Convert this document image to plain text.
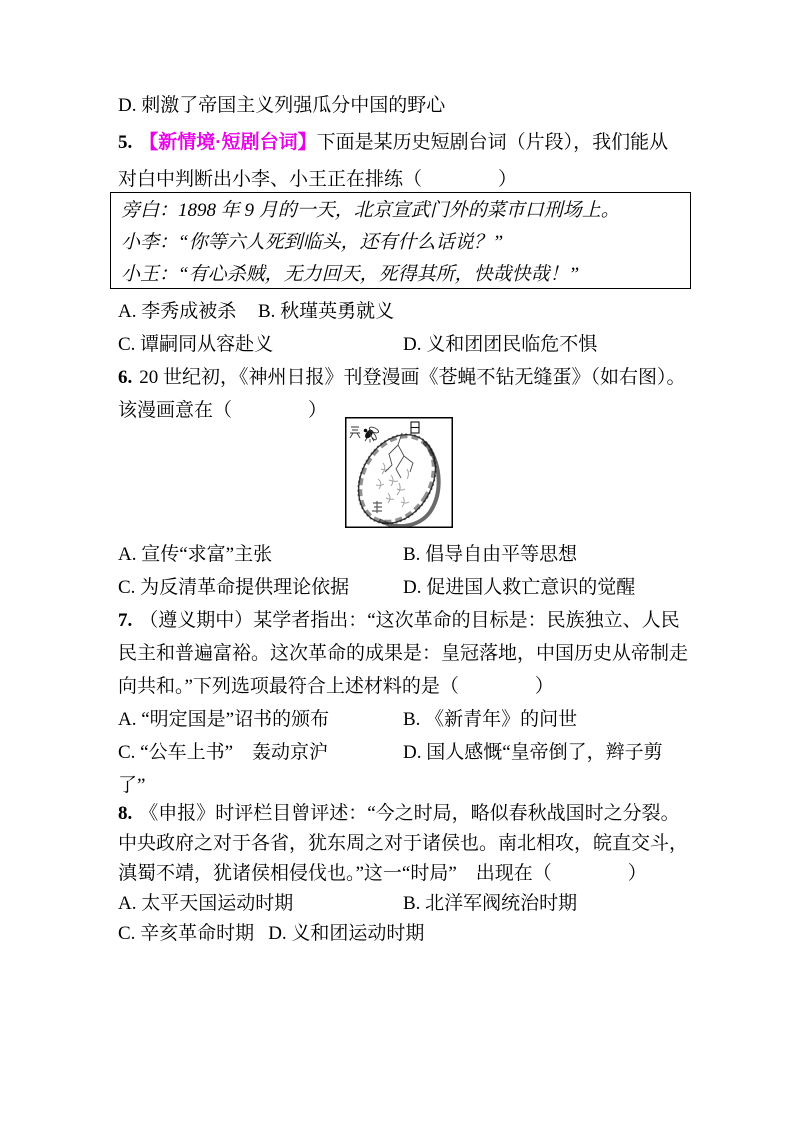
D. 刺激了帝国主义列强瓜分中国的野心
5. 【新情境·短剧台词】下面是某历史短剧台词（片段），我们能从
对白中判断出小李、小王正在排练（　　　　）
旁白：1898 年 9 月的一天，北京宣武门外的菜市口刑场上。
小李：“你等六人死到临头，还有什么话说？”
小王：“有心杀贼，无力回天，死得其所，快哉快哉！”
A. 李秀成被杀 B. 秋瑾英勇就义
C. 谭嗣同从容赴义	D. 义和团团民临危不惧
6. 20 世纪初，《神州日报》刊登漫画《苍蝇不钻无缝蛋》（如右图）。
该漫画意在（　　　　）
A. 宣传“求富”主张	B. 倡导自由平等思想
C. 为反清革命提供理论依据	D. 促进国人救亡意识的觉醒
7. （遵义期中）某学者指出：“这次革命的目标是：民族独立、人民
民主和普遍富裕。这次革命的成果是：皇冠落地，中国历史从帝制走
向共和。”下列选项最符合上述材料的是（　　　　）
A. “明定国是”诏书的颁布	B. 《新青年》的问世
C. “公车上书”　轰动京沪	D. 国人感慨“皇帝倒了，辫子剪
了”
8. 《申报》时评栏目曾评述：“今之时局，略似春秋战国时之分裂。
中央政府之对于各省，犹东周之对于诸侯也。南北相攻，皖直交斗，
滇蜀不靖，犹诸侯相侵伐也。”这一“时局”　出现在（　　　　）
A. 太平天国运动时期	B. 北洋军阀统治时期
C. 辛亥革命时期 D. 义和团运动时期
